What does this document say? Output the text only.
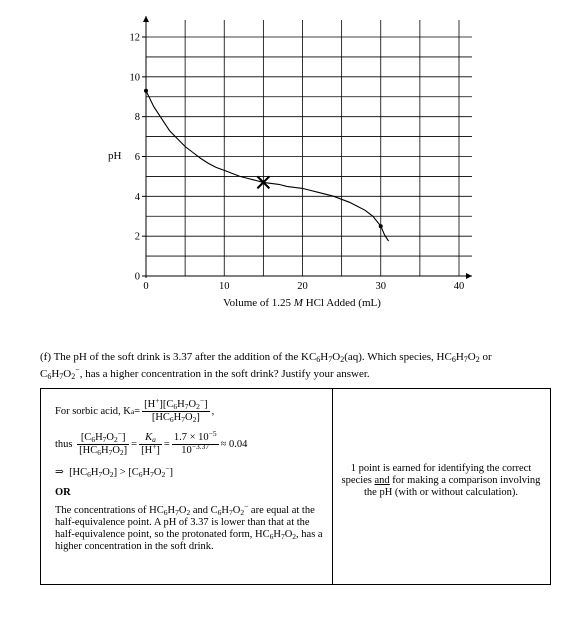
0
2
4
6
8
10
12
0	10	20	30	40
pH
Volume of 1.25 M HCl Added (mL)
(f) The pH of the soft drink is 3.37 after the addition of the $KC_6H_7O_2(aq)$. Which species, $HC_6H_7O_2$ or
$C_6H_7O_2^-$, has a higher concentration in the soft drink? Justify your answer.
For sorbic acid, K $a = \frac{[H^+][C_6H_7O_2^-]}{[HC_6H_7O_2]}$ ,
thus
$\frac{[C_6H_7O_2^-]}{[HC_6H_7O_2]} = \frac{K_a}{[H^+]} = \frac{1.7 \times 10^{-5}}{10^{-3.37}} \approx 0.04$
⇒  $[HC_6H_7O_2] > [C_6H_7O_2^-]$
OR
The concentrations of $HC_6H_7O_2$ and $C_6H_7O_2^-$ are equal at the half-equivalence point. A pH of 3.37 is lower than that at the half-equivalence point, so the protonated form, $HC_6H_7O_2$, has a higher concentration in the soft drink.
1 point is earned for identifying the correct species and for making a comparison involving the pH (with or without calculation).
